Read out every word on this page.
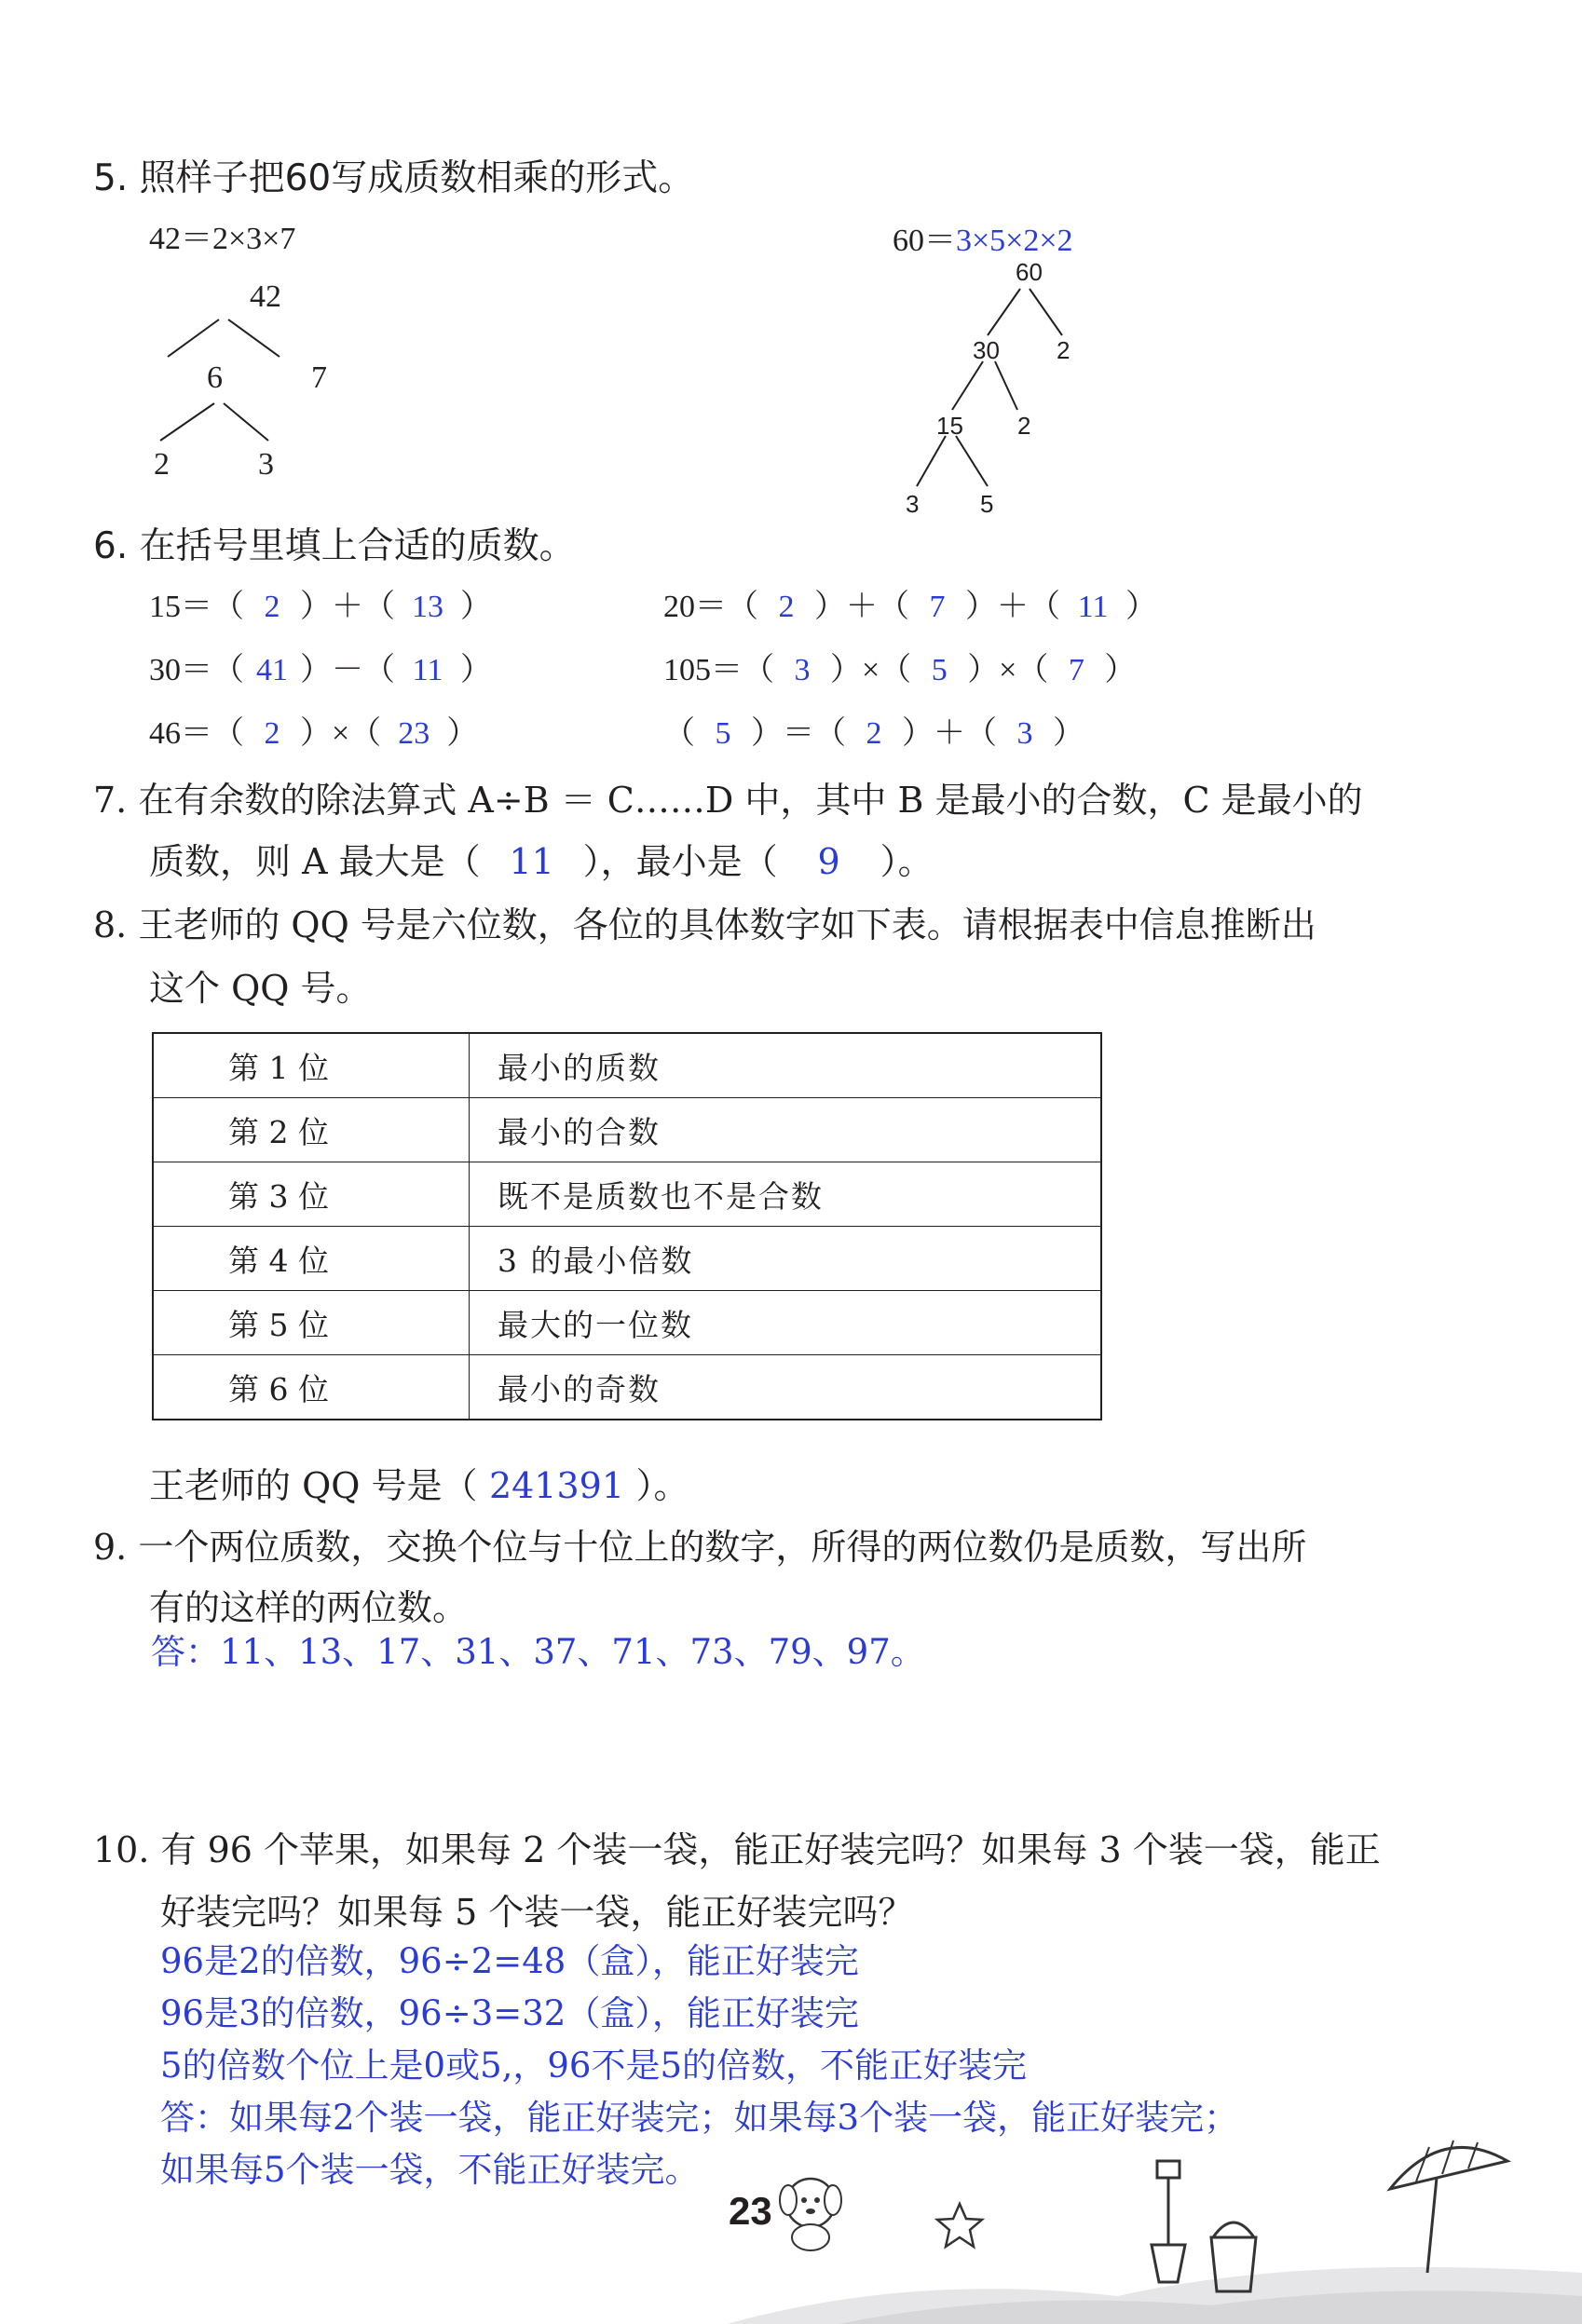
5. 照样子把60写成质数相乘的形式。
42＝2×3×7
42
6	7
2	3
60＝3×5×2×2
60
30 2
15 2
3	5
6. 在括号里填上合适的质数。
15＝（ 2 ）＋（ 13 ）	20＝（ 2 ）＋（ 7 ）＋（ 11 ）
30＝（ 41 ）－（ 11 ）	105＝（ 3 ）×（ 5 ）×（ 7 ）
46＝（ 2 ）×（ 23 ）	（ 5 ）＝（ 2 ）＋（ 3 ）
7. 在有余数的除法算式 A÷B ＝ C……D 中，其中 B 是最小的合数，C 是最小的
质数，则 A 最大是（ 11 ），最小是（ 9 ）。
8. 王老师的 QQ 号是六位数，各位的具体数字如下表。请根据表中信息推断出
这个 QQ 号。
第 1 位	最小的质数
第 2 位	最小的合数
第 3 位	既不是质数也不是合数
第 4 位	3 的最小倍数
第 5 位	最大的一位数
第 6 位	最小的奇数
王老师的 QQ 号是（ 241391 ）。
9. 一个两位质数，交换个位与十位上的数字，所得的两位数仍是质数，写出所
有的这样的两位数。
答：11、13、17、31、37、71、73、79、97。
10. 有 96 个苹果，如果每 2 个装一袋，能正好装完吗？如果每 3 个装一袋，能正
好装完吗？如果每 5 个装一袋，能正好装完吗？
96是2的倍数，96÷2=48（盒），能正好装完
96是3的倍数，96÷3=32（盒），能正好装完
5的倍数个位上是0或5,，96不是5的倍数，不能正好装完
答：如果每2个装一袋，能正好装完；如果每3个装一袋，能正好装完；
如果每5个装一袋，不能正好装完。
23
